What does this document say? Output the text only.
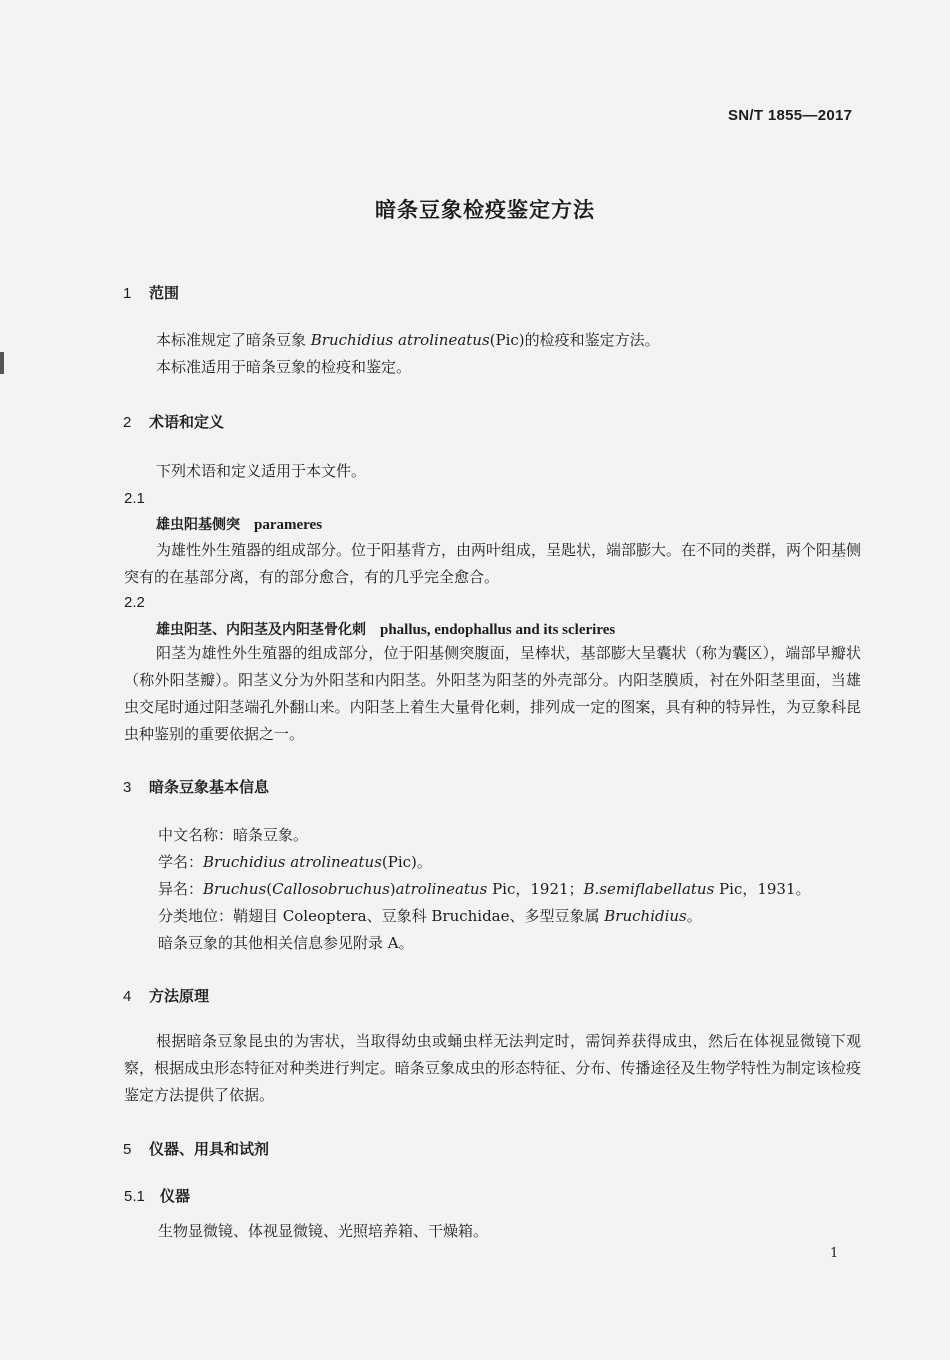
SN/T 1855—2017
暗条豆象检疫鉴定方法
1 范围
本标准规定了暗条豆象 Bruchidius atrolineatus(Pic)的检疫和鉴定方法。
本标准适用于暗条豆象的检疫和鉴定。
2 术语和定义
下列术语和定义适用于本文件。
2.1
雄虫阳基侧突 parameres
为雄性外生殖器的组成部分。位于阳基背方，由两叶组成，呈匙状，端部膨大。在不同的类群，两个阳基侧突有的在基部分离，有的部分愈合，有的几乎完全愈合。
2.2
雄虫阳茎、内阳茎及内阳茎骨化刺 phallus, endophallus and its sclerires
阳茎为雄性外生殖器的组成部分，位于阳基侧突腹面，呈棒状，基部膨大呈囊状（称为囊区），端部早瓣状（称外阳茎瓣）。阳茎义分为外阳茎和内阳茎。外阳茎为阳茎的外壳部分。内阳茎膜质，衬在外阳茎里面，当雄虫交尾时通过阳茎端孔外翻山来。内阳茎上着生大量骨化刺，排列成一定的图案，具有种的特异性，为豆象科昆虫种鉴别的重要依据之一。
3 暗条豆象基本信息
中文名称：暗条豆象。
学名：Bruchidius atrolineatus(Pic)。
异名：Bruchus(Callosobruchus)atrolineatus Pic，1921；B.semiflabellatus Pic，1931。
分类地位：鞘翅目 Coleoptera、豆象科 Bruchidae、多型豆象属 Bruchidius。
暗条豆象的其他相关信息参见附录 A。
4 方法原理
根据暗条豆象昆虫的为害状，当取得幼虫或蛹虫样无法判定时，需饲养获得成虫，然后在体视显微镜下观察，根据成虫形态特征对种类进行判定。暗条豆象成虫的形态特征、分布、传播途径及生物学特性为制定该检疫鉴定方法提供了依据。
5 仪器、用具和试剂
5.1 仪器
生物显微镜、体视显微镜、光照培养箱、干燥箱。
1
